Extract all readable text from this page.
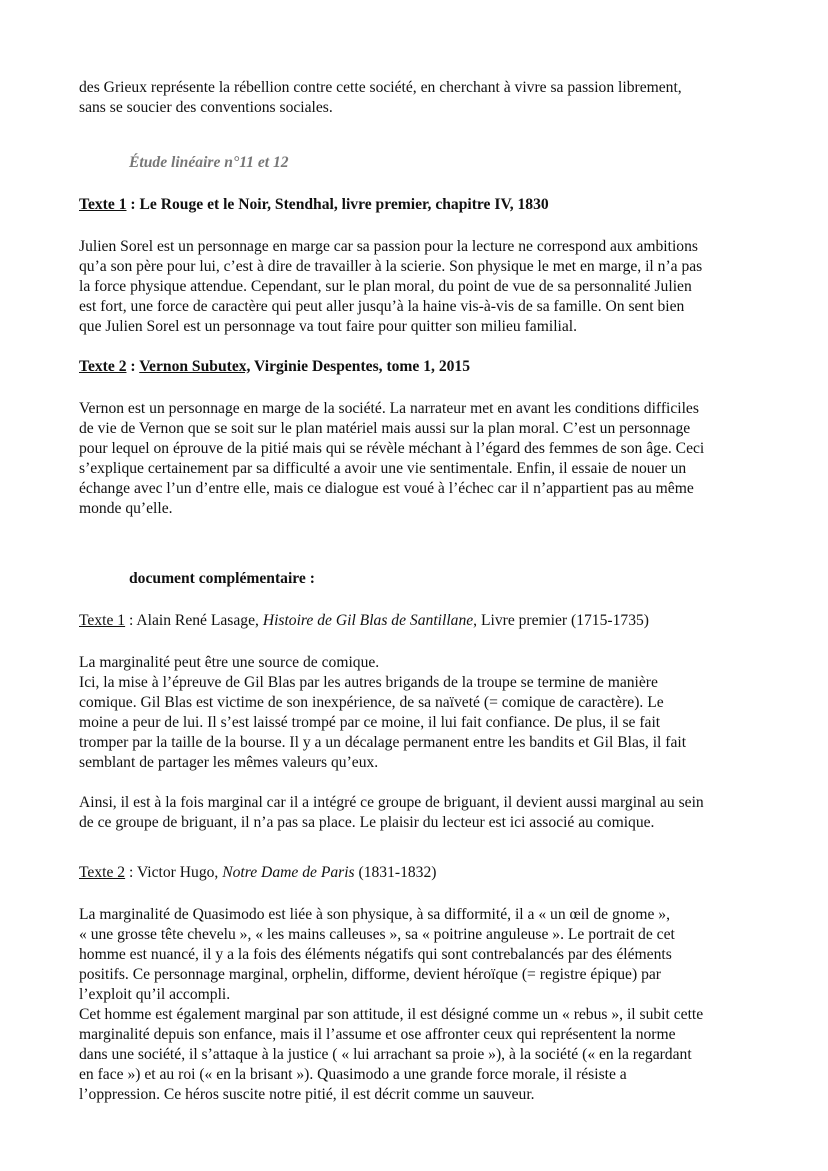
des Grieux représente la rébellion contre cette société, en cherchant à vivre sa passion librement,

sans se soucier des conventions sociales.

Étude linéaire n°11 et 12

Texte 1 : Le Rouge et le Noir, Stendhal, livre premier, chapitre IV, 1830

Julien Sorel est un personnage en marge car sa passion pour la lecture ne correspond aux ambitions

qu’a son père pour lui, c’est à dire de travailler à la scierie. Son physique le met en marge, il n’a pas

la force physique attendue. Cependant, sur le plan moral, du point de vue de sa personnalité Julien

est fort, une force de caractère qui peut aller jusqu’à la haine vis-à-vis de sa famille. On sent bien

que Julien Sorel est un personnage va tout faire pour quitter son milieu familial.

Texte 2 : Vernon Subutex, Virginie Despentes, tome 1, 2015

Vernon est un personnage en marge de la société. La narrateur met en avant les conditions difficiles

de vie de Vernon que se soit sur le plan matériel mais aussi sur la plan moral. C’est un personnage

pour lequel on éprouve de la pitié mais qui se révèle méchant à l’égard des femmes de son âge. Ceci

s’explique certainement par sa difficulté a avoir une vie sentimentale. Enfin, il essaie de nouer un

échange avec l’un d’entre elle, mais ce dialogue est voué à l’échec car il n’appartient pas au même

monde qu’elle.

document complémentaire :

Texte 1 : Alain René Lasage, Histoire de Gil Blas de Santillane, Livre premier (1715-1735)

La marginalité peut être une source de comique.

Ici, la mise à l’épreuve de Gil Blas par les autres brigands de la troupe se termine de manière

comique. Gil Blas est victime de son inexpérience, de sa naïveté (= comique de caractère). Le

moine a peur de lui. Il s’est laissé trompé par ce moine, il lui fait confiance. De plus, il se fait

tromper par la taille de la bourse. Il y a un décalage permanent entre les bandits et Gil Blas, il fait

semblant de partager les mêmes valeurs qu’eux.

Ainsi, il est à la fois marginal car il a intégré ce groupe de briguant, il devient aussi marginal au sein

de ce groupe de briguant, il n’a pas sa place. Le plaisir du lecteur est ici associé au comique.

Texte 2 : Victor Hugo, Notre Dame de Paris (1831-1832)

La marginalité de Quasimodo est liée à son physique, à sa difformité, il a « un œil de gnome »,

« une grosse tête chevelu », « les mains calleuses », sa « poitrine anguleuse ». Le portrait de cet

homme est nuancé, il y a la fois des éléments négatifs qui sont contrebalancés par des éléments

positifs. Ce personnage marginal, orphelin, difforme, devient héroïque (= registre épique) par

l’exploit qu’il accompli.

Cet homme est également marginal par son attitude, il est désigné comme un « rebus », il subit cette

marginalité depuis son enfance, mais il l’assume et ose affronter ceux qui représentent la norme

dans une société, il s’attaque à la justice ( « lui arrachant sa proie »), à la société (« en la regardant

en face ») et au roi (« en la brisant »). Quasimodo a une grande force morale, il résiste a

l’oppression. Ce héros suscite notre pitié, il est décrit comme un sauveur.
